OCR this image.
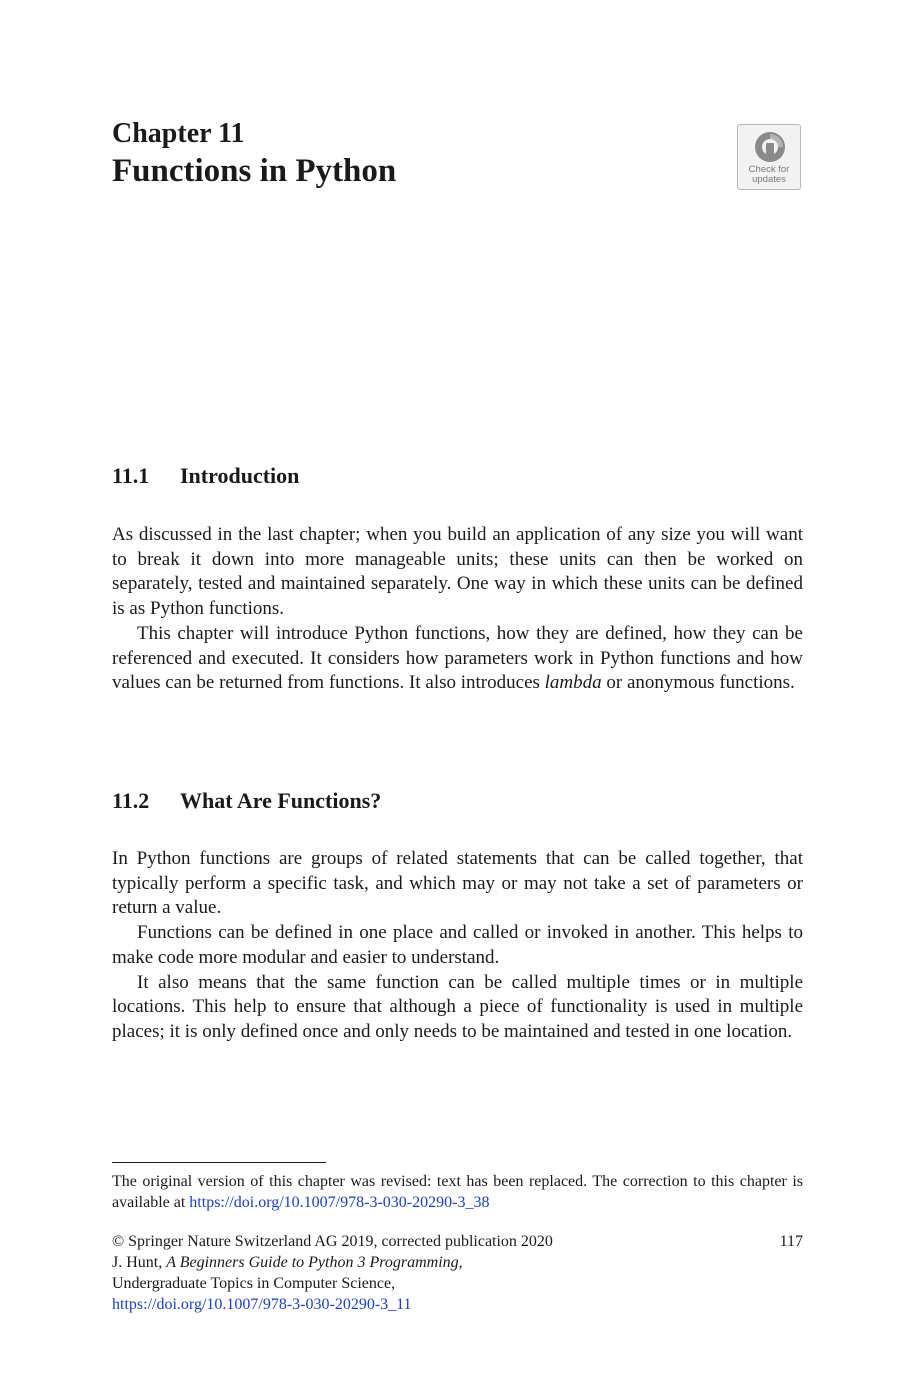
Chapter 11
Functions in Python	Check for
updates
11.1 Introduction

As discussed in the last chapter; when you build an application of any size you will want to break it down into more manageable units; these units can then be worked on separately, tested and maintained separately. One way in which these units can be defined is as Python functions.

This chapter will introduce Python functions, how they are defined, how they can be referenced and executed. It considers how parameters work in Python functions and how values can be returned from functions. It also introduces lambda or anonymous functions.

11.2 What Are Functions?

In Python functions are groups of related statements that can be called together, that typically perform a specific task, and which may or may not take a set of parameters or return a value.

Functions can be defined in one place and called or invoked in another. This helps to make code more modular and easier to understand.

It also means that the same function can be called multiple times or in multiple locations. This help to ensure that although a piece of functionality is used in multiple places; it is only defined once and only needs to be maintained and tested in one location.

The original version of this chapter was revised: text has been replaced. The correction to this chapter is available at https://doi.org/10.1007/978-3-030-20290-3_38
© Springer Nature Switzerland AG 2019, corrected publication 2020
J. Hunt, A Beginners Guide to Python 3 Programming,
Undergraduate Topics in Computer Science,
https://doi.org/10.1007/978-3-030-20290-3_11
117
